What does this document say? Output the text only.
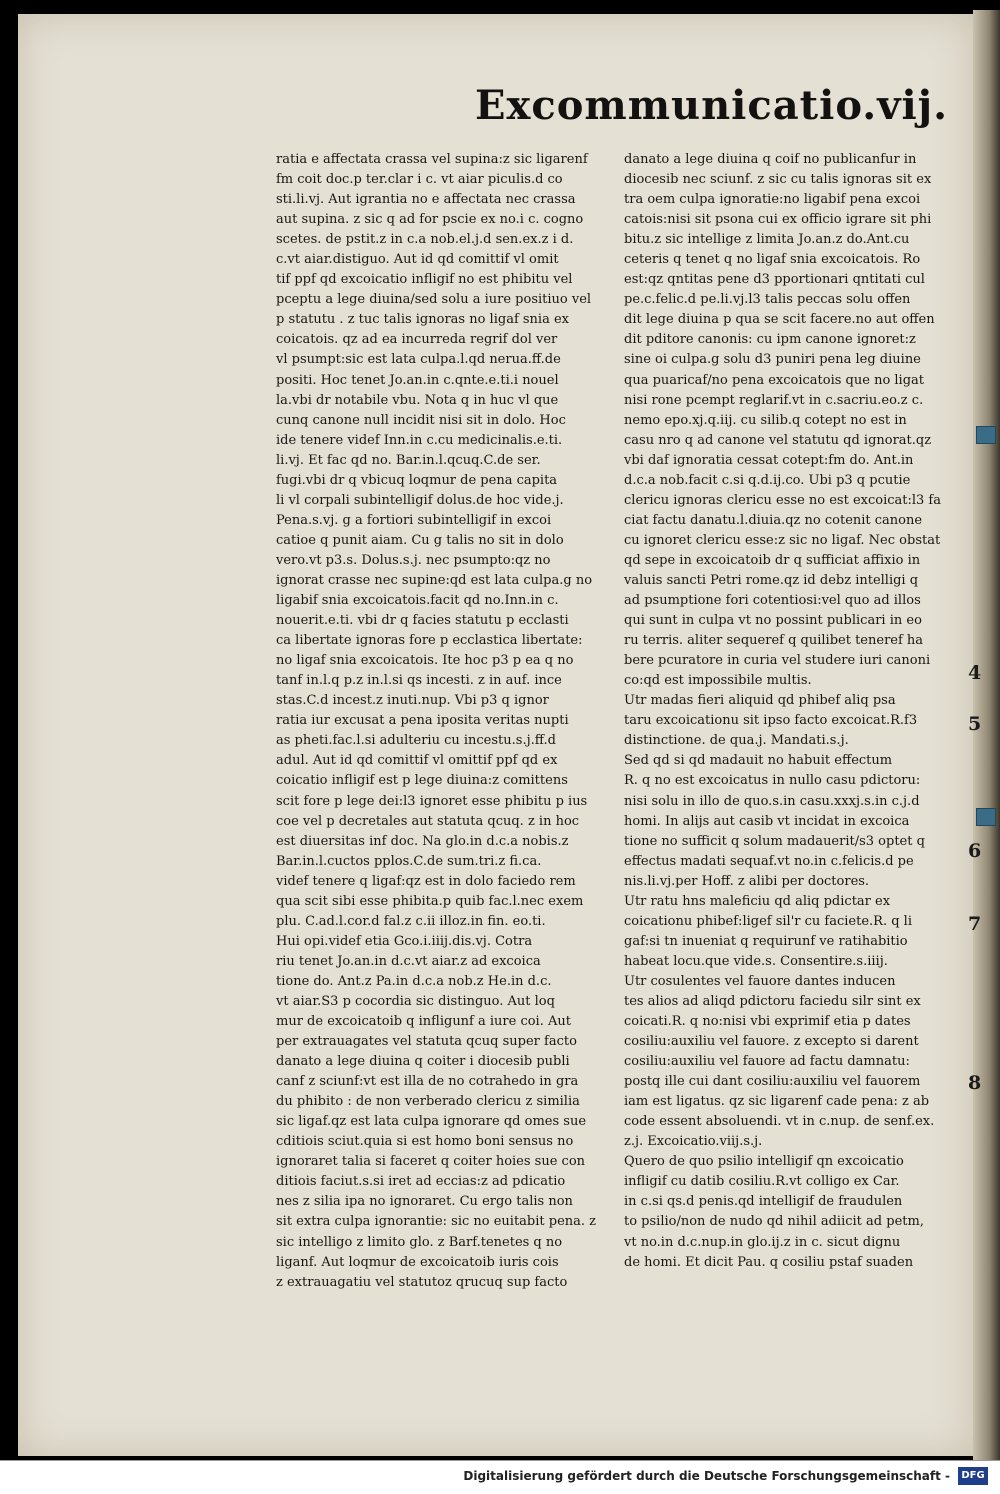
Excommunicatio.vij.
ratia e affectata crassa vel supina:z sic ligarenf
fm coit doc.p ter.clar i c. vt aiar piculis.d co
sti.li.vj. Aut igrantia no e affectata nec crassa
aut supina. z sic q ad for pscie ex no.i c. cogno
scetes. de pstit.z in c.a nob.el.j.d sen.ex.z i d.
c.vt aiar.distiguo. Aut id qd comittif vl omit
tif ppf qd excoicatio infligif no est phibitu vel
pceptu a lege diuina/sed solu a iure positiuo vel
p statutu . z tuc talis ignoras no ligaf snia ex
coicatois. qz ad ea incurreda regrif dol ver
vl psumpt:sic est lata culpa.l.qd nerua.ff.de
positi. Hoc tenet Jo.an.in c.qnte.e.ti.i nouel
la.vbi dr notabile vbu. Nota q in huc vl que
cunq canone null incidit nisi sit in dolo. Hoc
ide tenere videf Inn.in c.cu medicinalis.e.ti.
li.vj. Et fac qd no. Bar.in.l.qcuq.C.de ser.
fugi.vbi dr q vbicuq loqmur de pena capita
li vl corpali subintelligif dolus.de hoc vide.j.
Pena.s.vj. g a fortiori subintelligif in excoi
catioe q punit aiam. Cu g talis no sit in dolo
vero.vt p3.s. Dolus.s.j. nec psumpto:qz no
ignorat crasse nec supine:qd est lata culpa.g no
ligabif snia excoicatois.facit qd no.Inn.in c.
nouerit.e.ti. vbi dr q facies statutu p ecclasti
ca libertate ignoras fore p ecclastica libertate:
no ligaf snia excoicatois. Ite hoc p3 p ea q no
tanf in.l.q p.z in.l.si qs incesti. z in auf. ince
stas.C.d incest.z inuti.nup. Vbi p3 q ignor
ratia iur excusat a pena iposita veritas nupti
as pheti.fac.l.si adulteriu cu incestu.s.j.ff.d
adul. Aut id qd comittif vl omittif ppf qd ex
coicatio infligif est p lege diuina:z comittens
scit fore p lege dei:l3 ignoret esse phibitu p ius
coe vel p decretales aut statuta qcuq. z in hoc
est diuersitas inf doc. Na glo.in d.c.a nobis.z
Bar.in.l.cuctos pplos.C.de sum.tri.z fi.ca.
videf tenere q ligaf:qz est in dolo faciedo rem
qua scit sibi esse phibita.p quib fac.l.nec exem
plu. C.ad.l.cor.d fal.z c.ii illoz.in fin. eo.ti.
Hui opi.videf etia Gco.i.iiij.dis.vj. Cotra
riu tenet Jo.an.in d.c.vt aiar.z ad excoica
tione do. Ant.z Pa.in d.c.a nob.z He.in d.c.
vt aiar.S3 p cocordia sic distinguo. Aut loq
mur de excoicatoib q infligunf a iure coi. Aut
per extrauagates vel statuta qcuq super facto
danato a lege diuina q coiter i diocesib publi
canf z sciunf:vt est illa de no cotrahedo in gra
du phibito : de non verberado clericu z similia
sic ligaf.qz est lata culpa ignorare qd omes sue
cditiois sciut.quia si est homo boni sensus no
ignoraret talia si faceret q coiter hoies sue con
ditiois faciut.s.si iret ad eccias:z ad pdicatio
nes z silia ipa no ignoraret. Cu ergo talis non
sit extra culpa ignorantie: sic no euitabit pena. z
sic intelligo z limito glo. z Barf.tenetes q no
liganf. Aut loqmur de excoicatoib iuris cois
z extrauagatiu vel statutoz qrucuq sup facto
danato a lege diuina q coif no publicanfur in
diocesib nec sciunf. z sic cu talis ignoras sit ex
tra oem culpa ignoratie:no ligabif pena excoi
catois:nisi sit psona cui ex officio igrare sit phi
bitu.z sic intellige z limita Jo.an.z do.Ant.cu
ceteris q tenet q no ligaf snia excoicatois. Ro
est:qz qntitas pene d3 pportionari qntitati cul
pe.c.felic.d pe.li.vj.l3 talis peccas solu offen
dit lege diuina p qua se scit facere.no aut offen
dit pditore canonis: cu ipm canone ignoret:z
sine oi culpa.g solu d3 puniri pena leg diuine
qua puaricaf/no pena excoicatois que no ligat
nisi rone pcempt reglarif.vt in c.sacriu.eo.z c.
nemo epo.xj.q.iij. cu silib.q cotept no est in
casu nro q ad canone vel statutu qd ignorat.qz
vbi daf ignoratia cessat cotept:fm do. Ant.in
d.c.a nob.facit c.si q.d.ij.co. Ubi p3 q pcutie
clericu ignoras clericu esse no est excoicat:l3 fa
ciat factu danatu.l.diuia.qz no cotenit canone
cu ignoret clericu esse:z sic no ligaf. Nec obstat
qd sepe in excoicatoib dr q sufficiat affixio in
valuis sancti Petri rome.qz id debz intelligi q
ad psumptione fori cotentiosi:vel quo ad illos
qui sunt in culpa vt no possint publicari in eo
ru terris. aliter sequeref q quilibet teneref ha
bere pcuratore in curia vel studere iuri canoni
co:qd est impossibile multis.
Utr madas fieri aliquid qd phibef aliq psa
taru excoicationu sit ipso facto excoicat.R.f3
distinctione. de qua.j. Mandati.s.j.
Sed qd si qd madauit no habuit effectum
R. q no est excoicatus in nullo casu pdictoru:
nisi solu in illo de quo.s.in casu.xxxj.s.in c.j.d
homi. In alijs aut casib vt incidat in excoica
tione no sufficit q solum madauerit/s3 optet q
effectus madati sequaf.vt no.in c.felicis.d pe
nis.li.vj.per Hoff. z alibi per doctores.
Utr ratu hns maleficiu qd aliq pdictar ex
coicationu phibef:ligef sil'r cu faciete.R. q li
gaf:si tn inueniat q requirunf ve ratihabitio
habeat locu.que vide.s. Consentire.s.iiij.
Utr cosulentes vel fauore dantes inducen
tes alios ad aliqd pdictoru faciedu silr sint ex
coicati.R. q no:nisi vbi exprimif etia p dates
cosiliu:auxiliu vel fauore. z excepto si darent
cosiliu:auxiliu vel fauore ad factu damnatu:
postq ille cui dant cosiliu:auxiliu vel fauorem
iam est ligatus. qz sic ligarenf cade pena: z ab
code essent absoluendi. vt in c.nup. de senf.ex.
z.j. Excoicatio.viij.s.j.
Quero de quo psilio intelligif qn excoicatio
infligif cu datib cosiliu.R.vt colligo ex Car.
in c.si qs.d penis.qd intelligif de fraudulen
to psilio/non de nudo qd nihil adiicit ad petm,
vt no.in d.c.nup.in glo.ij.z in c. sicut dignu
de homi. Et dicit Pau. q cosiliu pstaf suaden
4
5
6
7
8
Digitalisierung gefördert durch die Deutsche Forschungsgemeinschaft -	DFG
